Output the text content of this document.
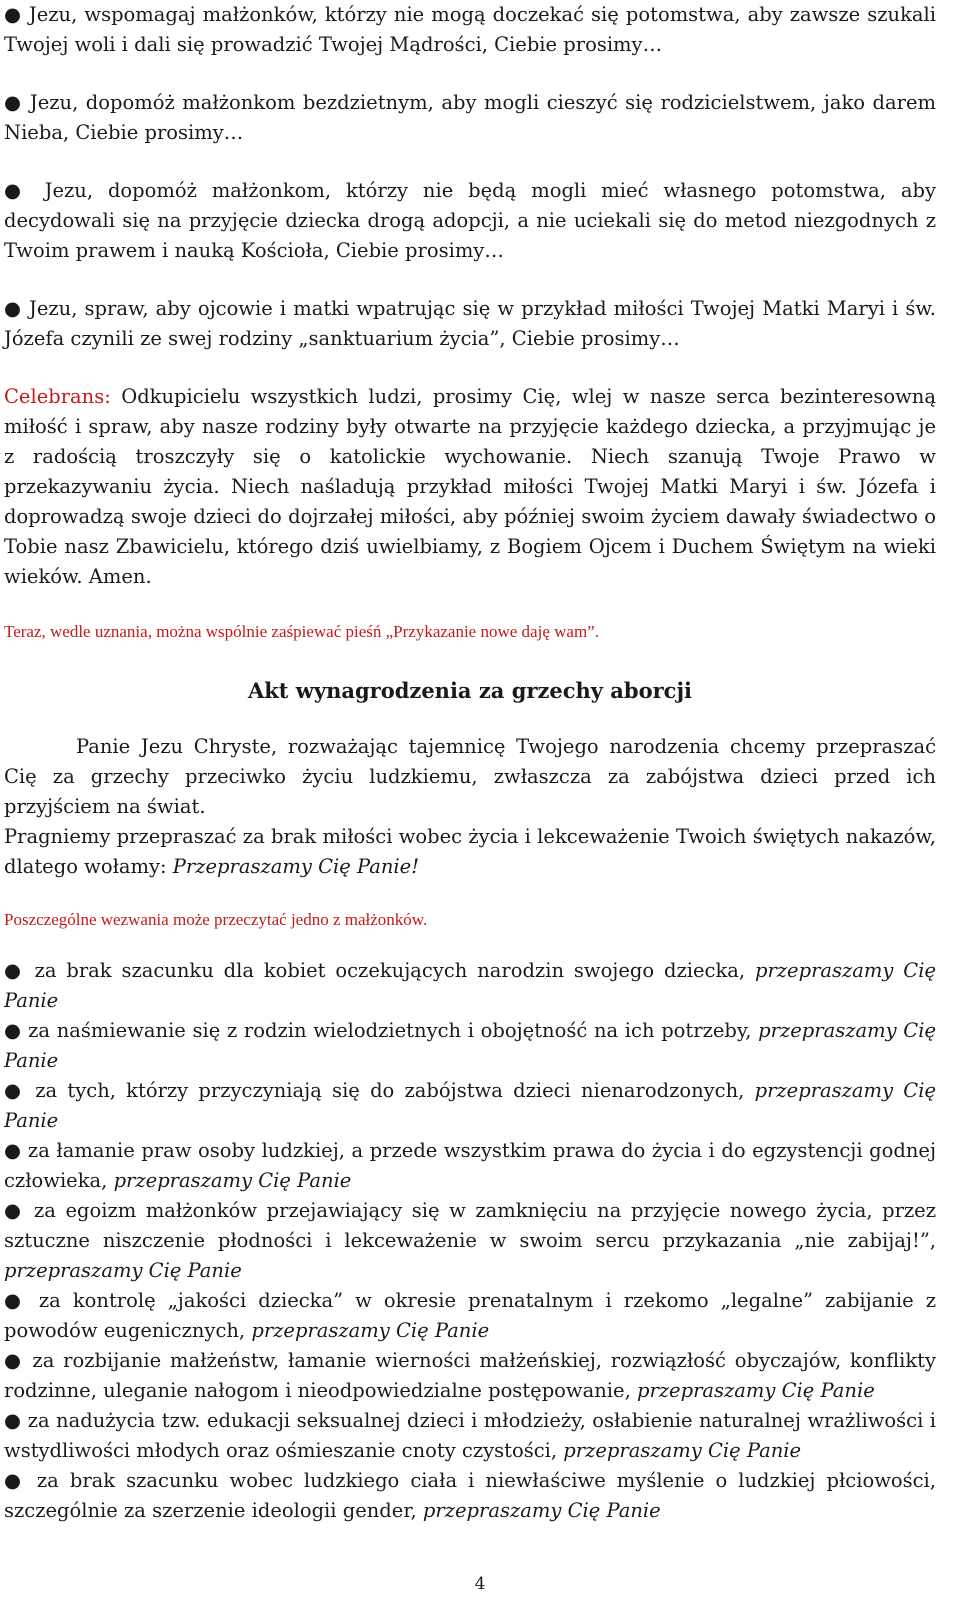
● Jezu, wspomagaj małżonków, którzy nie mogą doczekać się potomstwa, aby zawsze szukali Twojej woli i dali się prowadzić Twojej Mądrości, Ciebie prosimy…

● Jezu, dopomóż małżonkom bezdzietnym, aby mogli cieszyć się rodzicielstwem, jako darem Nieba, Ciebie prosimy…

● Jezu, dopomóż małżonkom, którzy nie będą mogli mieć własnego potomstwa, aby decydowali się na przyjęcie dziecka drogą adopcji, a nie uciekali się do metod niezgodnych z Twoim prawem i nauką Kościoła, Ciebie prosimy…

● Jezu, spraw, aby ojcowie i matki wpatrując się w przykład miłości Twojej Matki Maryi i św. Józefa czynili ze swej rodziny „sanktuarium życia”, Ciebie prosimy…

Celebrans: Odkupicielu wszystkich ludzi, prosimy Cię, wlej w nasze serca bezinteresowną miłość i spraw, aby nasze rodziny były otwarte na przyjęcie każdego dziecka, a przyjmując je z radością troszczyły się o katolickie wychowanie. Niech szanują Twoje Prawo w przekazywaniu życia. Niech naśladują przykład miłości Twojej Matki Maryi i św. Józefa i doprowadzą swoje dzieci do dojrzałej miłości, aby później swoim życiem dawały świadectwo o Tobie nasz Zbawicielu, którego dziś uwielbiamy, z Bogiem Ojcem i Duchem Świętym na wieki wieków. Amen.

Teraz, wedle uznania, można wspólnie zaśpiewać pieśń „Przykazanie nowe daję wam”.

Akt wynagrodzenia za grzechy aborcji

Panie Jezu Chryste, rozważając tajemnicę Twojego narodzenia chcemy przepraszać Cię za grzechy przeciwko życiu ludzkiemu, zwłaszcza za zabójstwa dzieci przed ich przyjściem na świat.

Pragniemy przepraszać za brak miłości wobec życia i lekceważenie Twoich świętych nakazów, dlatego wołamy: Przepraszamy Cię Panie!

Poszczególne wezwania może przeczytać jedno z małżonków.

● za brak szacunku dla kobiet oczekujących narodzin swojego dziecka, przepraszamy Cię Panie

● za naśmiewanie się z rodzin wielodzietnych i obojętność na ich potrzeby, przepraszamy Cię Panie

● za tych, którzy przyczyniają się do zabójstwa dzieci nienarodzonych, przepraszamy Cię Panie

● za łamanie praw osoby ludzkiej, a przede wszystkim prawa do życia i do egzystencji godnej człowieka, przepraszamy Cię Panie

● za egoizm małżonków przejawiający się w zamknięciu na przyjęcie nowego życia, przez sztuczne niszczenie płodności i lekceważenie w swoim sercu przykazania „nie zabijaj!”, przepraszamy Cię Panie

● za kontrolę „jakości dziecka” w okresie prenatalnym i rzekomo „legalne” zabijanie z powodów eugenicznych, przepraszamy Cię Panie

● za rozbijanie małżeństw, łamanie wierności małżeńskiej, rozwiązłość obyczajów, konflikty rodzinne, uleganie nałogom i nieodpowiedzialne postępowanie, przepraszamy Cię Panie

● za nadużycia tzw. edukacji seksualnej dzieci i młodzieży, osłabienie naturalnej wrażliwości i wstydliwości młodych oraz ośmieszanie cnoty czystości, przepraszamy Cię Panie

● za brak szacunku wobec ludzkiego ciała i niewłaściwe myślenie o ludzkiej płciowości, szczególnie za szerzenie ideologii gender, przepraszamy Cię Panie

4
